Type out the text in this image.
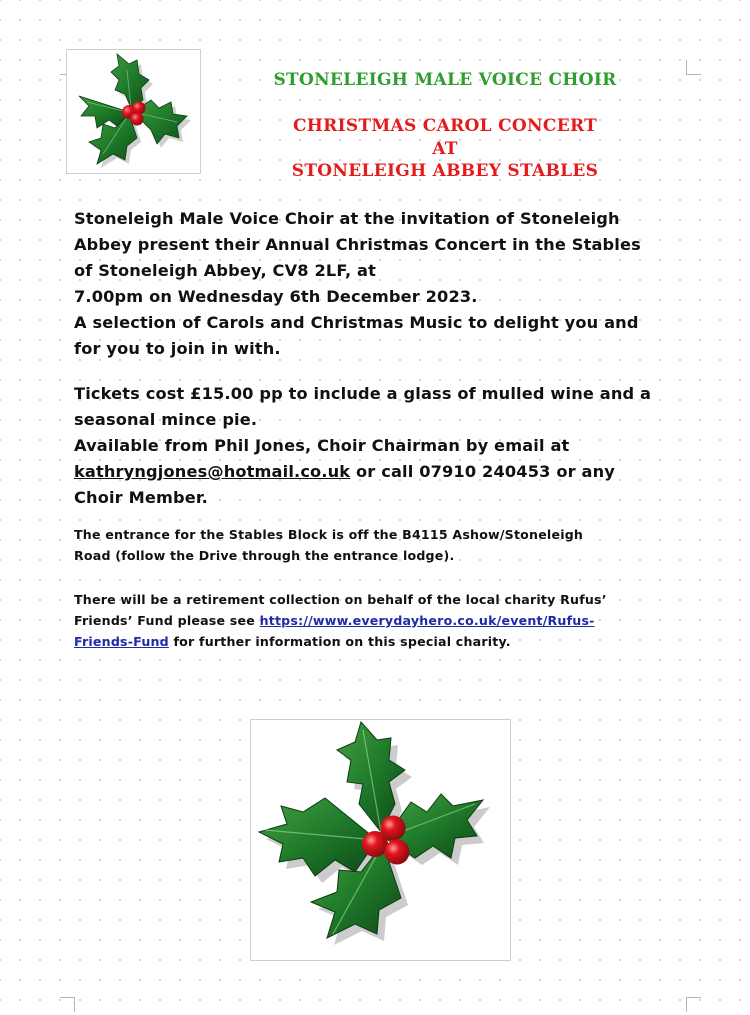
STONELEIGH MALE VOICE CHOIR
CHRISTMAS CAROL CONCERT
AT
STONELEIGH ABBEY STABLES
Stoneleigh Male Voice Choir at the invitation of Stoneleigh
Abbey present their Annual Christmas Concert in the Stables
of Stoneleigh Abbey, CV8 2LF, at
7.00pm on Wednesday 6th December 2023.
A selection of Carols and Christmas Music to delight you and
for you to join in with.
Tickets cost £15.00 pp to include a glass of mulled wine and a
seasonal mince pie.
Available from Phil Jones, Choir Chairman by email at
kathryngjones@hotmail.co.uk or call 07910 240453 or any
Choir Member.
The entrance for the Stables Block is off the B4115 Ashow/Stoneleigh
Road (follow the Drive through the entrance lodge).
There will be a retirement collection on behalf of the local charity Rufus’
Friends’ Fund please see https://www.everydayhero.co.uk/event/Rufus-
Friends-Fund for further information on this special charity.
